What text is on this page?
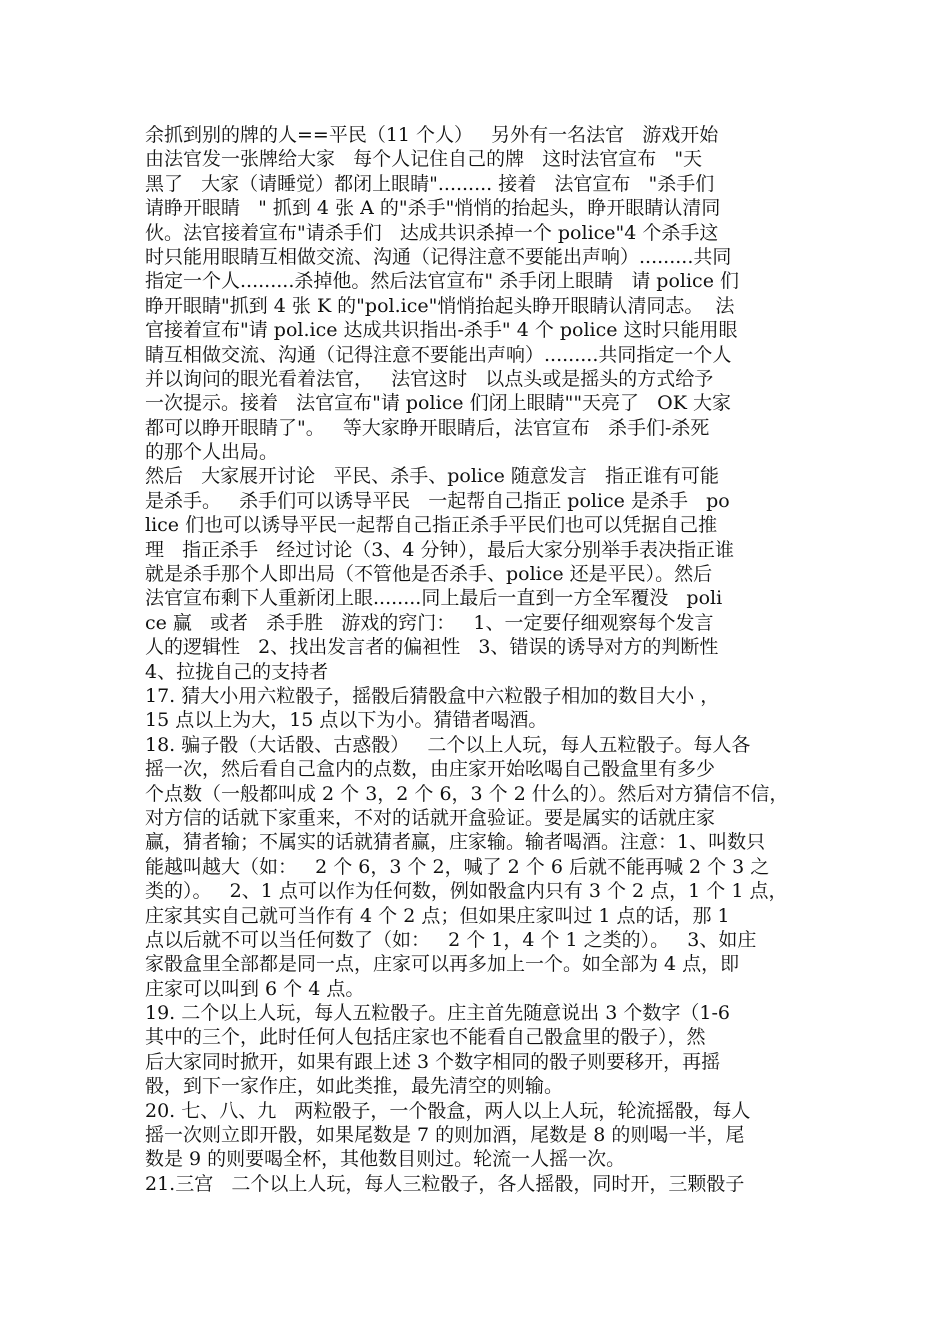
余抓到别的牌的人==平民（11 个人）   另外有一名法官   游戏开始
由法官发一张牌给大家   每个人记住自己的牌   这时法官宣布   "天
黑了   大家（请睡觉）都闭上眼睛"......... 接着   法官宣布   "杀手们
请睁开眼睛   " 抓到 4 张 A 的"杀手"悄悄的抬起头，睁开眼睛认清同
伙。法官接着宣布"请杀手们   达成共识杀掉一个 police"4 个杀手这
时只能用眼睛互相做交流、沟通（记得注意不要能出声响）.........共同
指定一个人.........杀掉他。然后法官宣布" 杀手闭上眼睛   请 police 们
睁开眼睛"抓到 4 张 K 的"pol.ice"悄悄抬起头睁开眼睛认清同志。  法
官接着宣布"请 pol.ice 达成共识指出-杀手" 4 个 police 这时只能用眼
睛互相做交流、沟通（记得注意不要能出声响）.........共同指定一个人
并以询问的眼光看着法官，   法官这时   以点头或是摇头的方式给予
一次提示。接着   法官宣布"请 police 们闭上眼睛""天亮了   OK 大家
都可以睁开眼睛了"。   等大家睁开眼睛后，法官宣布   杀手们-杀死
的那个人出局。
然后   大家展开讨论   平民、杀手、police 随意发言   指正谁有可能
是杀手。   杀手们可以诱导平民   一起帮自己指正 police 是杀手   po
lice 们也可以诱导平民一起帮自己指正杀手平民们也可以凭据自己推
理   指正杀手   经过讨论（3、4 分钟），最后大家分别举手表决指正谁
就是杀手那个人即出局（不管他是否杀手、police 还是平民）。然后
法官宣布剩下人重新闭上眼........同上最后一直到一方全军覆没   poli
ce 赢   或者   杀手胜   游戏的窍门：   1、一定要仔细观察每个发言
人的逻辑性   2、找出发言者的偏袒性   3、错误的诱导对方的判断性
4、拉拢自己的支持者
17. 猜大小用六粒骰子，摇骰后猜骰盒中六粒骰子相加的数目大小 ，
15 点以上为大，15 点以下为小。猜错者喝酒。
18. 骗子骰（大话骰、古惑骰）   二个以上人玩，每人五粒骰子。每人各
摇一次，然后看自己盒内的点数，由庄家开始吆喝自己骰盒里有多少
个点数（一般都叫成 2 个 3，2 个 6，3 个 2 什么的）。然后对方猜信不信，
对方信的话就下家重来，不对的话就开盒验证。要是属实的话就庄家
赢，猜者输；不属实的话就猜者赢，庄家输。输者喝酒。注意：1、叫数只
能越叫越大（如：   2 个 6，3 个 2，喊了 2 个 6 后就不能再喊 2 个 3 之
类的）。   2、1 点可以作为任何数，例如骰盒内只有 3 个 2 点，1 个 1 点，
庄家其实自己就可当作有 4 个 2 点；但如果庄家叫过 1 点的话，那 1
点以后就不可以当任何数了（如：   2 个 1，4 个 1 之类的）。   3、如庄
家骰盒里全部都是同一点，庄家可以再多加上一个。如全部为 4 点，即
庄家可以叫到 6 个 4 点。
19. 二个以上人玩，每人五粒骰子。庄主首先随意说出 3 个数字（1-6
其中的三个，此时任何人包括庄家也不能看自己骰盒里的骰子），然
后大家同时掀开，如果有跟上述 3 个数字相同的骰子则要移开，再摇
骰，到下一家作庄，如此类推，最先清空的则输。
20. 七、八、九   两粒骰子，一个骰盒，两人以上人玩，轮流摇骰，每人
摇一次则立即开骰，如果尾数是 7 的则加酒，尾数是 8 的则喝一半，尾
数是 9 的则要喝全杯，其他数目则过。轮流一人摇一次。
21.三宫   二个以上人玩，每人三粒骰子，各人摇骰，同时开，三颗骰子
